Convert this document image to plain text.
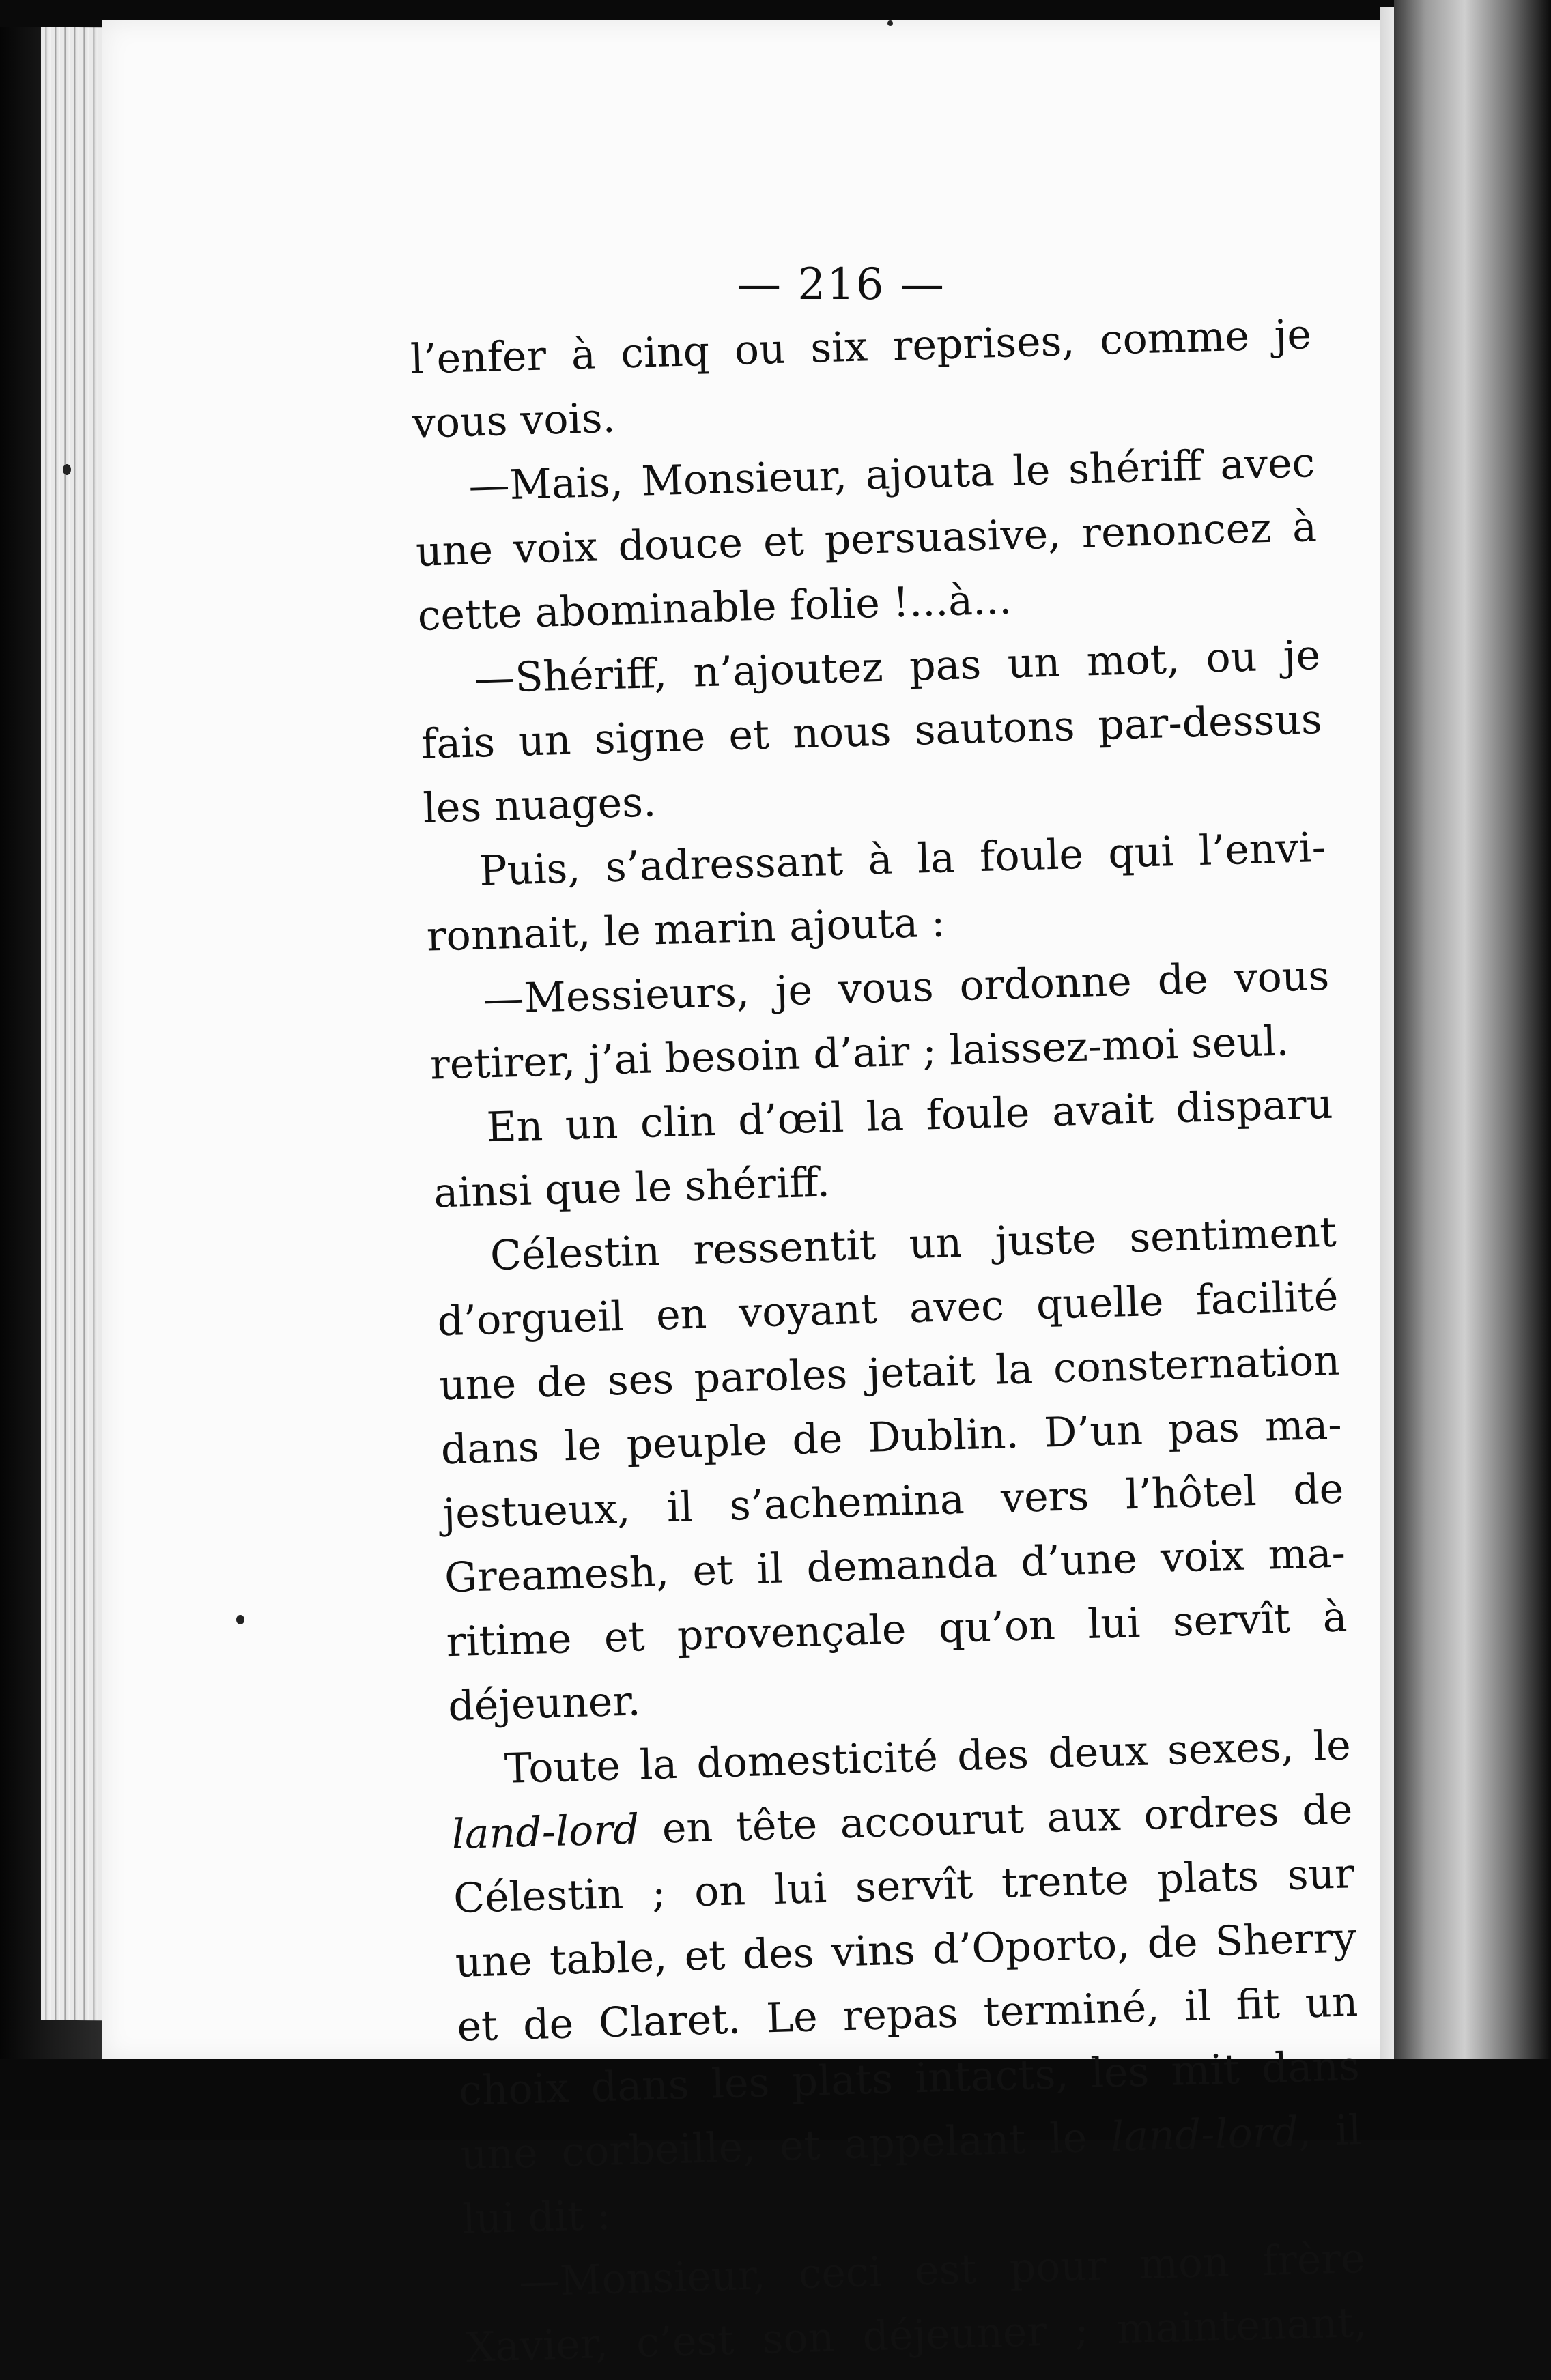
— 216 —
l’enfer à cinq ou six reprises, comme je
vous vois.
—Mais, Monsieur, ajouta le shériff avec
une voix douce et persuasive, renoncez à
cette abominable folie !...à...
—Shériff, n’ajoutez pas un mot, ou je
fais un signe et nous sautons par-dessus
les nuages.
Puis, s’adressant à la foule qui l’envi-
ronnait, le marin ajouta :
—Messieurs, je vous ordonne de vous
retirer, j’ai besoin d’air ; laissez-moi seul.
En un clin d’œil la foule avait disparu
ainsi que le shériff.
Célestin ressentit un juste sentiment
d’orgueil en voyant avec quelle facilité
une de ses paroles jetait la consternation
dans le peuple de Dublin. D’un pas ma-
jestueux, il s’achemina vers l’hôtel de
Greamesh, et il demanda d’une voix ma-
ritime et provençale qu’on lui servît à
déjeuner.
Toute la domesticité des deux sexes, le
land-lord en tête accourut aux ordres de
Célestin ; on lui servît trente plats sur
une table, et des vins d’Oporto, de Sherry
et de Claret. Le repas terminé, il fit un
choix dans les plats intacts, les mit dans
une corbeille, et appelant le land-lord, il
lui dit :
—Monsieur, ceci est pour mon frère
Xavier, c’est son déjeuner ; maintenant,
